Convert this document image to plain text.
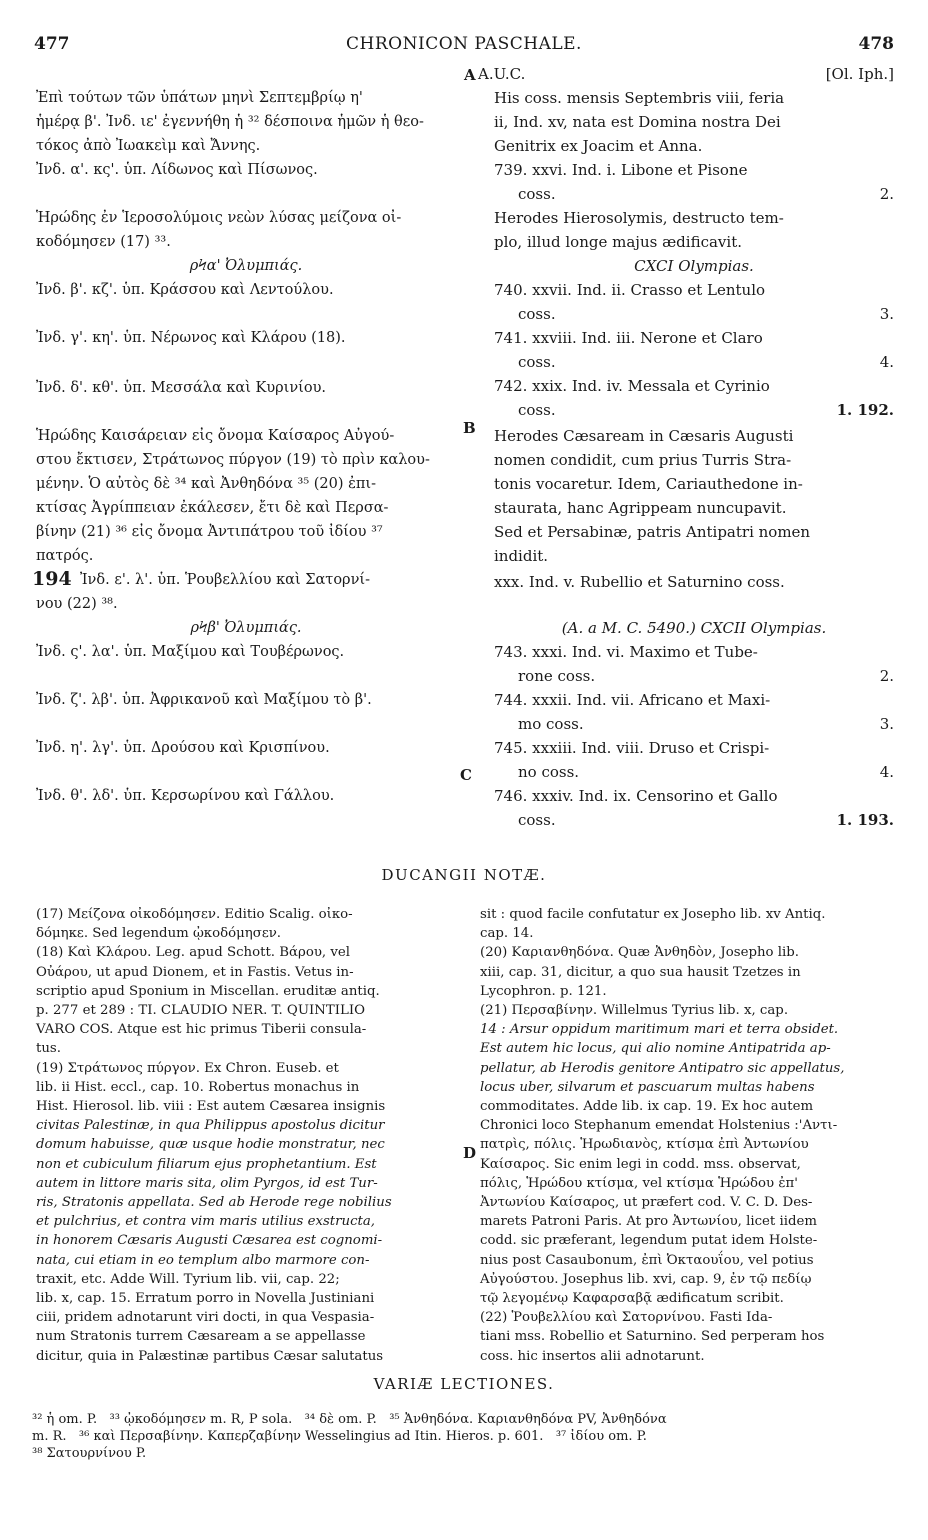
477	CHRONICON PASCHALE.	478
A
B
C
D
Ἐπὶ τούτων τῶν ὑπάτων μηνὶ Σεπτεμβρίῳ η'
ἡμέρᾳ β'. Ἰνδ. ιε' ἐγεννήθη ἡ ³² δέσποινα ἡμῶν ἡ θεο-
τόκος ἀπὸ Ἰωακεὶμ καὶ Ἄννης.
Ἰνδ. α'. κς'. ὑπ. Λίδωνος καὶ Πίσωνος.
Ἡρώδης ἐν Ἱεροσολύμοις νεὼν λύσας μείζονα οἰ-
κοδόμησεν (17) ³³.
ρϞα' Ὀλυμπιάς.
Ἰνδ. β'. κζ'. ὑπ. Κράσσου καὶ Λεντούλου.
Ἰνδ. γ'. κη'. ὑπ. Νέρωνος καὶ Κλάρου (18).
Ἰνδ. δ'. κθ'. ὑπ. Μεσσάλα καὶ Κυρινίου.
Ἡρώδης Καισάρειαν εἰς ὄνομα Καίσαρος Αὐγού-
στου ἔκτισεν, Στράτωνος πύργον (19) τὸ πρὶν καλου-
μένην. Ὁ αὐτὸς δὲ ³⁴ καὶ Ἀνθηδόνα ³⁵ (20) ἐπι-
κτίσας Ἀγρίππειαν ἐκάλεσεν, ἔτι δὲ καὶ Περσα-
βίνην (21) ³⁶ εἰς ὄνομα Ἀντιπάτρου τοῦ ἰδίου ³⁷
πατρός.
194 Ἰνδ. ε'. λ'. ὑπ. Ῥουβελλίου καὶ Σατορνί-
νου (22) ³⁸.
ρϞβ' Ὀλυμπιάς.
Ἰνδ. ς'. λα'. ὑπ. Μαξίμου καὶ Τουβέρωνος.
Ἰνδ. ζ'. λβ'. ὑπ. Ἀφρικανοῦ καὶ Μαξίμου τὸ β'.
Ἰνδ. η'. λγ'. ὑπ. Δρούσου καὶ Κρισπίνου.
Ἰνδ. θ'. λδ'. ὑπ. Κερσωρίνου καὶ Γάλλου.
A.U.C.	[Ol. Iph.]
His coss. mensis Septembris viii, feria
ii, Ind. xv, nata est Domina nostra Dei
Genitrix ex Joacim et Anna.
739. xxvi. Ind. i. Libone et Pisone
coss.	2.
Herodes Hierosolymis, destructo tem-
plo, illud longe majus ædificavit.
CXCI Olympias.
740. xxvii. Ind. ii. Crasso et Lentulo
coss.	3.
741. xxviii. Ind. iii. Nerone et Claro
coss.	4.
742. xxix. Ind. iv. Messala et Cyrinio
coss.	1. 192.
Herodes Cæsaream in Cæsaris Augusti
nomen condidit, cum prius Turris Stra-
tonis vocaretur. Idem, Cariauthedone in-
staurata, hanc Agrippeam nuncupavit.
Sed et Persabinæ, patris Antipatri nomen
indidit.
xxx. Ind. v. Rubellio et Saturnino coss.
(A. a M. C. 5490.) CXCII Olympias.
743. xxxi. Ind. vi. Maximo et Tube-
rone coss.	2.
744. xxxii. Ind. vii. Africano et Maxi-
mo coss.	3.
745. xxxiii. Ind. viii. Druso et Crispi-
no coss.	4.
746. xxxiv. Ind. ix. Censorino et Gallo
coss.	1. 193.
DUCANGII NOTÆ.
(17) Μείζονα οἰκοδόμησεν. Editio Scalig. οἰκο-
δόμηκε. Sed legendum ᾠκοδόμησεν.
(18) Καὶ Κλάρου. Leg. apud Schott. Βάρου, vel
Οὐάρου, ut apud Dionem, et in Fastis. Vetus in-
scriptio apud Sponium in Miscellan. eruditæ antiq.
p. 277 et 289 : TI. CLAUDIO NER. T. QUINTILIO
VARO COS. Atque est hic primus Tiberii consula-
tus.
(19) Στράτωνος πύργον. Ex Chron. Euseb. et
lib. ii Hist. eccl., cap. 10. Robertus monachus in
Hist. Hierosol. lib. viii : Est autem Cæsarea insignis
civitas Palestinæ, in qua Philippus apostolus dicitur
domum habuisse, quæ usque hodie monstratur, nec
non et cubiculum filiarum ejus prophetantium. Est
autem in littore maris sita, olim Pyrgos, id est Tur-
ris, Stratonis appellata. Sed ab Herode rege nobilius
et pulchrius, et contra vim maris utilius exstructa,
in honorem Cæsaris Augusti Cæsarea est cognomi-
nata, cui etiam in eo templum albo marmore con-
traxit, etc. Adde Will. Tyrium lib. vii, cap. 22;
lib. x, cap. 15. Erratum porro in Novella Justiniani
ciii, pridem adnotarunt viri docti, in qua Vespasia-
num Stratonis turrem Cæsaream a se appellasse
dicitur, quia in Palæstinæ partibus Cæsar salutatus
sit : quod facile confutatur ex Josepho lib. xv Antiq.
cap. 14.
(20) Καριανθηδόνα. Quæ Ἀνθηδὸν, Josepho lib.
xiii, cap. 31, dicitur, a quo sua hausit Tzetzes in
Lycophron. p. 121.
(21) Περσαβίνην. Willelmus Tyrius lib. x, cap.
14 : Arsur oppidum maritimum mari et terra obsidet.
Est autem hic locus, qui alio nomine Antipatrida ap-
pellatur, ab Herodis genitore Antipatro sic appellatus,
locus uber, silvarum et pascuarum multas habens
commoditates. Adde lib. ix cap. 19. Ex hoc autem
Chronici loco Stephanum emendat Holstenius :'Αντι-
πατρὶς, πόλις. Ἡρωδιανὸς, κτίσμα ἐπὶ Ἀντωνίου
Καίσαρος. Sic enim legi in codd. mss. observat,
πόλις, Ἡρώδου κτίσμα, vel κτίσμα Ἡρώδου ἐπ'
Ἀντωνίου Καίσαρος, ut præfert cod. V. C. D. Des-
marets Patroni Paris. At pro Ἀντωνίου, licet iidem
codd. sic præferant, legendum putat idem Holste-
nius post Casaubonum, ἐπὶ Ὀκταουΐου, vel potius
Αὐγούστου. Josephus lib. xvi, cap. 9, ἐν τῷ πεδίῳ
τῷ λεγομένῳ Καφαρσαβᾷ ædificatum scribit.
(22) Ῥουβελλίου καὶ Σατορνίνου. Fasti Ida-
tiani mss. Robellio et Saturnino. Sed perperam hos
coss. hic insertos alii adnotarunt.
VARIÆ LECTIONES.
³² ἡ om. P.   ³³ ᾠκοδόμησεν m. R, P sola.   ³⁴ δὲ om. P.   ³⁵ Ἀνθηδόνα. Καριανθηδόνα PV, Ἀνθηδόνα
m. R.   ³⁶ καὶ Περσαβίνην. Καπερζαβίνην Wesselingius ad Itin. Hieros. p. 601.   ³⁷ ἰδίου om. P.
³⁸ Σατουρνίνου P.
